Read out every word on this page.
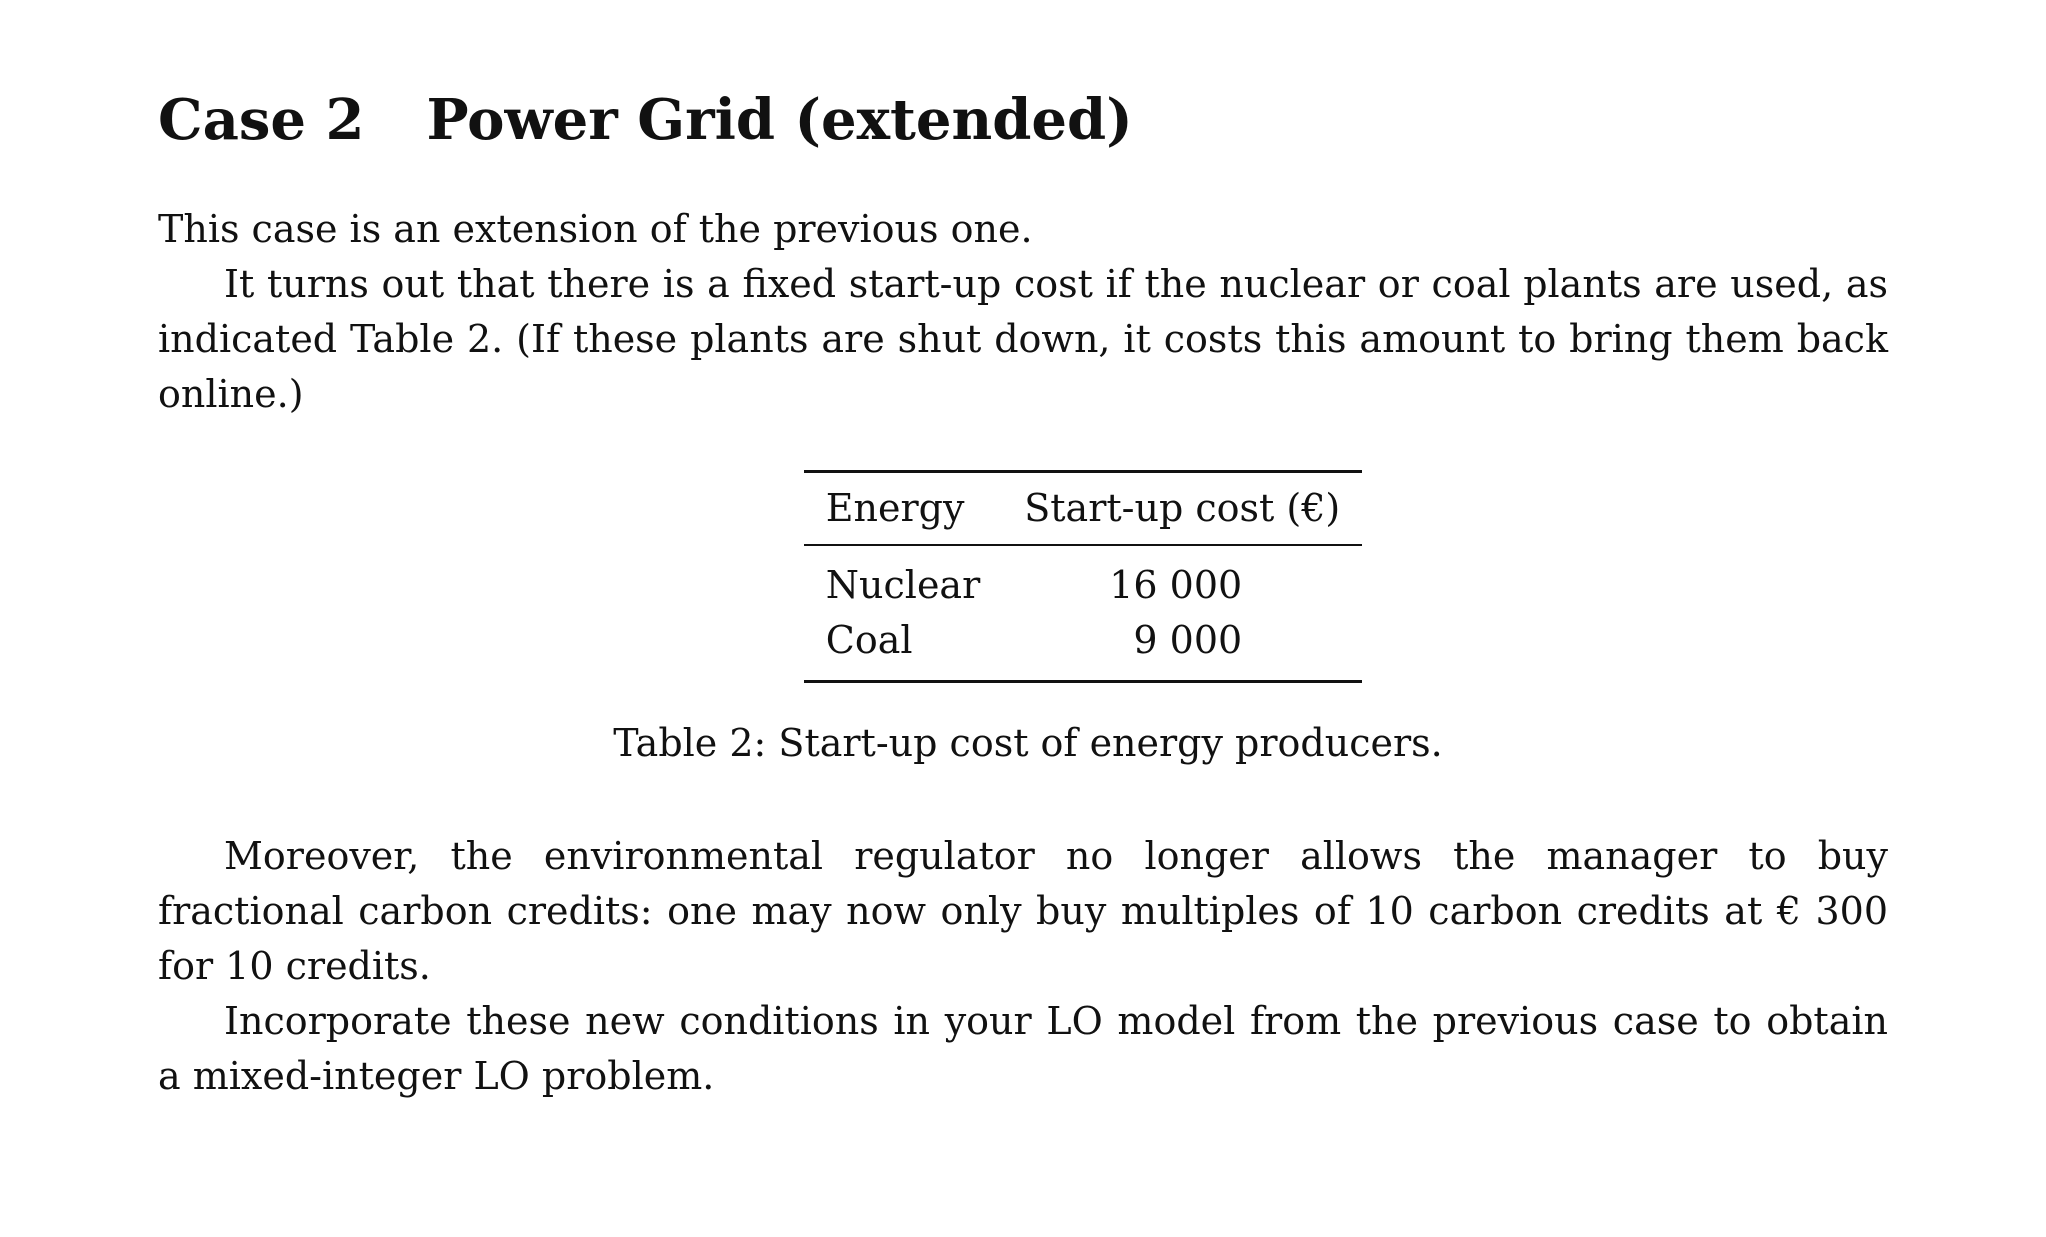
Case 2 Power Grid (extended)

This case is an extension of the previous one.

It turns out that there is a fixed start-up cost if the nuclear or coal plants are used, as indicated Table 2. (If these plants are shut down, it costs this amount to bring them back online.)

Energy	Start-up cost (€)
Nuclear	16 000
Coal	9 000
Table 2: Start-up cost of energy producers.

Moreover, the environmental regulator no longer allows the manager to buy fractional carbon credits: one may now only buy multiples of 10 carbon credits at € 300 for 10 credits.

Incorporate these new conditions in your LO model from the previous case to obtain a mixed-integer LO problem.
